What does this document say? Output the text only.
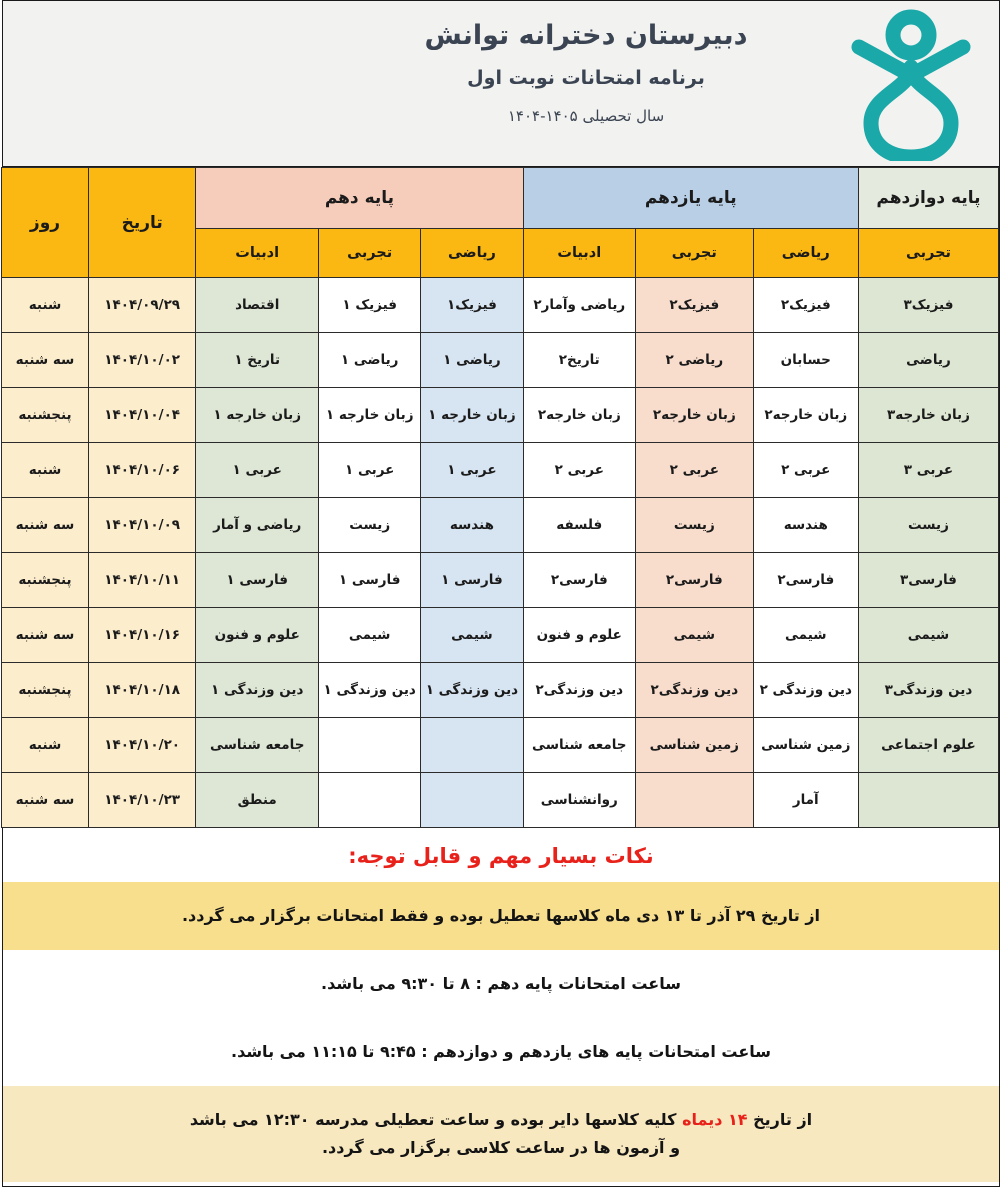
دبیرستان دخترانه توانش
برنامه امتحانات نوبت اول
سال تحصیلی ۱۴۰۵-۱۴۰۴
پایه دوازدهم	پایه یازدهم			پایه دهم			تاریخ	روز
تجربی	ریاضی	تجربی	ادبیات	ریاضی	تجربی	ادبیات		
فیزیک۳	فیزیک۲	فیزیک۲	ریاضی وآمار۲	فیزیک۱	فیزیک ۱	اقتصاد	۱۴۰۴/۰۹/۲۹	شنبه
ریاضی	حسابان	ریاضی ۲	تاریخ۲	ریاضی ۱	ریاضی ۱	تاریخ ۱	۱۴۰۴/۱۰/۰۲	سه شنبه
زبان خارجه۳	زبان خارجه۲	زبان خارجه۲	زبان خارجه۲	زبان خارجه ۱	زبان خارجه ۱	زبان خارجه ۱	۱۴۰۴/۱۰/۰۴	پنجشنبه
عربی ۳	عربی ۲	عربی ۲	عربی ۲	عربی ۱	عربی ۱	عربی ۱	۱۴۰۴/۱۰/۰۶	شنبه
زیست	هندسه	زیست	فلسفه	هندسه	زیست	ریاضی و آمار	۱۴۰۴/۱۰/۰۹	سه شنبه
فارسی۳	فارسی۲	فارسی۲	فارسی۲	فارسی ۱	فارسی ۱	فارسی ۱	۱۴۰۴/۱۰/۱۱	پنجشنبه
شیمی	شیمی	شیمی	علوم و فنون	شیمی	شیمی	علوم و فنون	۱۴۰۴/۱۰/۱۶	سه شنبه
دین وزندگی۳	دین وزندگی ۲	دین وزندگی۲	دین وزندگی۲	دین وزندگی ۱	دین وزندگی ۱	دین وزندگی ۱	۱۴۰۴/۱۰/۱۸	پنجشنبه
علوم اجتماعی	زمین شناسی	زمین شناسی	جامعه شناسی			جامعه شناسی	۱۴۰۴/۱۰/۲۰	شنبه
	آمار		روانشناسی			منطق	۱۴۰۴/۱۰/۲۳	سه شنبه
نکات بسیار مهم و قابل توجه:
از تاریخ ۲۹ آذر تا ۱۳ دی ماه کلاسها تعطیل بوده و فقط امتحانات برگزار می گردد.
ساعت امتحانات پایه دهم : ۸ تا ۹:۳۰ می باشد.
ساعت امتحانات پایه های یازدهم و دوازدهم : ۹:۴۵ تا ۱۱:۱۵ می باشد.
از تاریخ ۱۴ دیماه کلیه کلاسها دایر بوده و ساعت تعطیلی مدرسه ۱۲:۳۰ می باشد
و آزمون ها در ساعت کلاسی برگزار می گردد.
